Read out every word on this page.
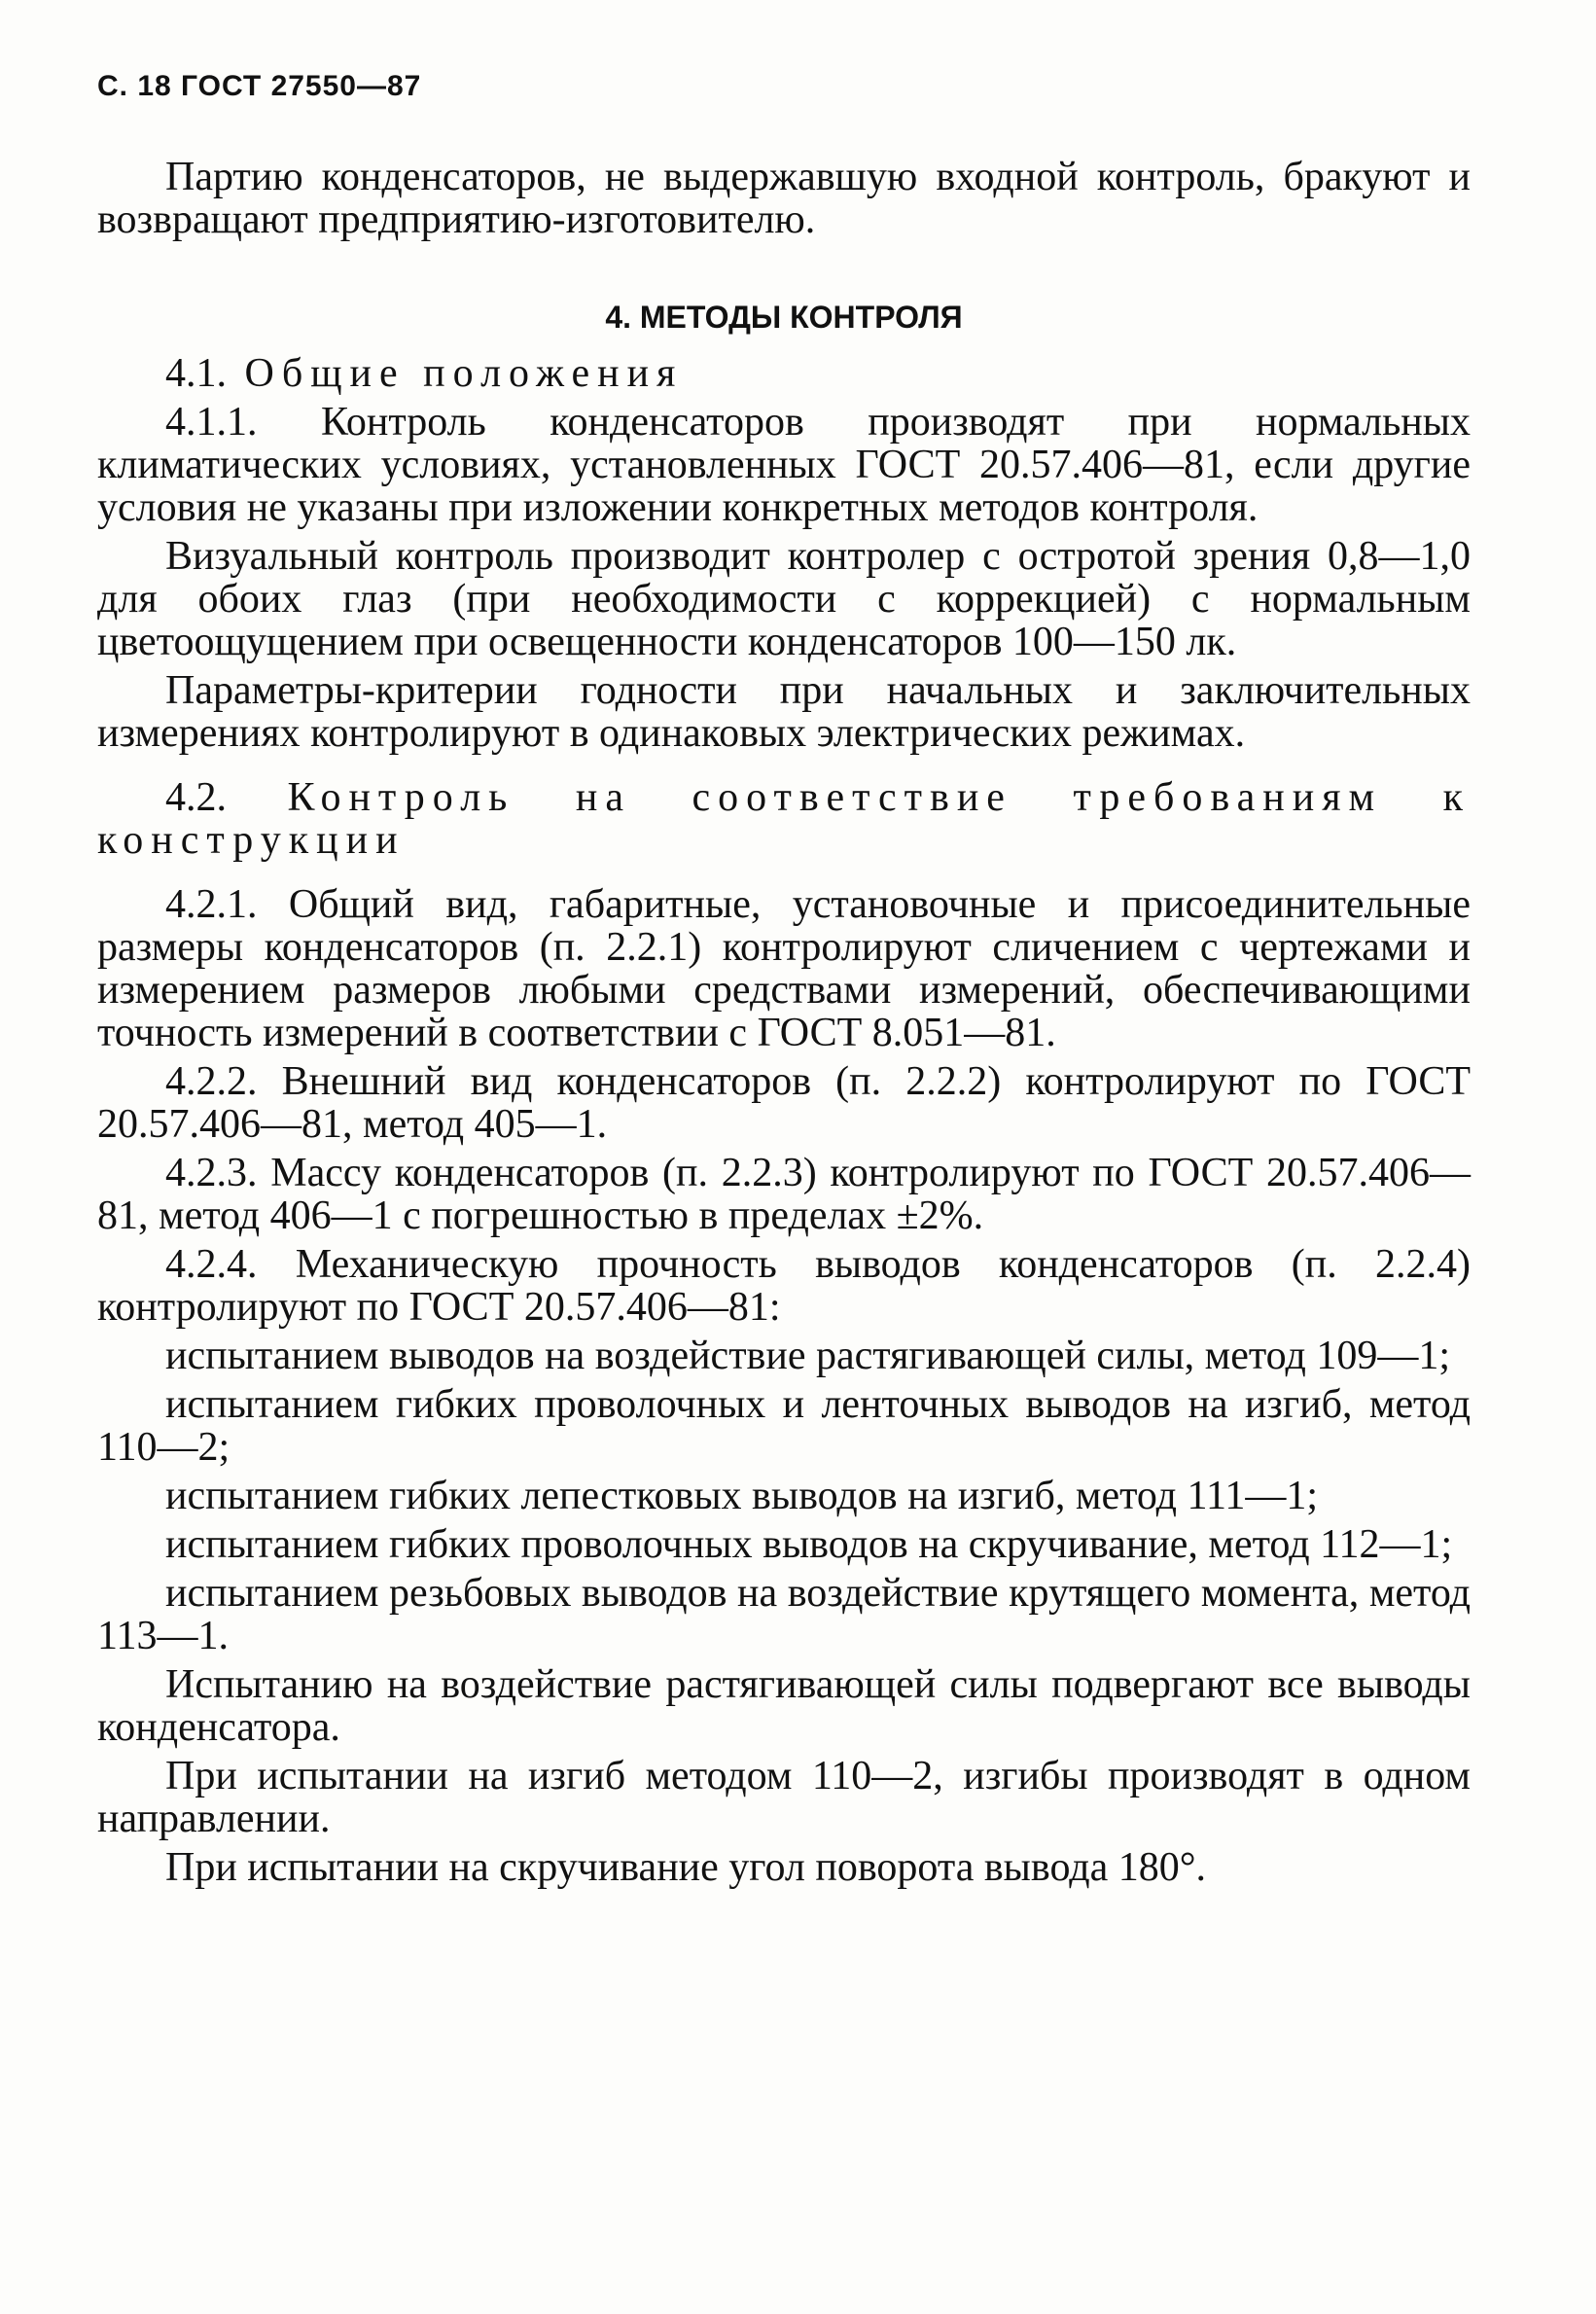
С. 18 ГОСТ 27550—87

Партию конденсаторов, не выдержавшую входной контроль, бракуют и возвращают предприятию-изготовителю.

4. МЕТОДЫ КОНТРОЛЯ

4.1. Общие положения

4.1.1. Контроль конденсаторов производят при нормальных климатических условиях, установленных ГОСТ 20.57.406—81, если другие условия не указаны при изложении конкретных методов контроля.

Визуальный контроль производит контролер с остротой зрения 0,8—1,0 для обоих глаз (при необходимости с коррекцией) с нормальным цветоощущением при освещенности конденсаторов 100—150 лк.

Параметры-критерии годности при начальных и заключительных измерениях контролируют в одинаковых электрических режимах.

4.2. Контроль на соответствие требованиям к конструкции

4.2.1. Общий вид, габаритные, установочные и присоединительные размеры конденсаторов (п. 2.2.1) контролируют сличением с чертежами и измерением размеров любыми средствами измерений, обеспечивающими точность измерений в соответствии с ГОСТ 8.051—81.

4.2.2. Внешний вид конденсаторов (п. 2.2.2) контролируют по ГОСТ 20.57.406—81, метод 405—1.

4.2.3. Массу конденсаторов (п. 2.2.3) контролируют по ГОСТ 20.57.406—81, метод 406—1 с погрешностью в пределах ±2%.

4.2.4. Механическую прочность выводов конденсаторов (п. 2.2.4) контролируют по ГОСТ 20.57.406—81:

испытанием выводов на воздействие растягивающей силы, метод 109—1;

испытанием гибких проволочных и ленточных выводов на изгиб, метод 110—2;

испытанием гибких лепестковых выводов на изгиб, метод 111—1;

испытанием гибких проволочных выводов на скручивание, метод 112—1;

испытанием резьбовых выводов на воздействие крутящего момента, метод 113—1.

Испытанию на воздействие растягивающей силы подвергают все выводы конденсатора.

При испытании на изгиб методом 110—2, изгибы производят в одном направлении.

При испытании на скручивание угол поворота вывода 180°.
